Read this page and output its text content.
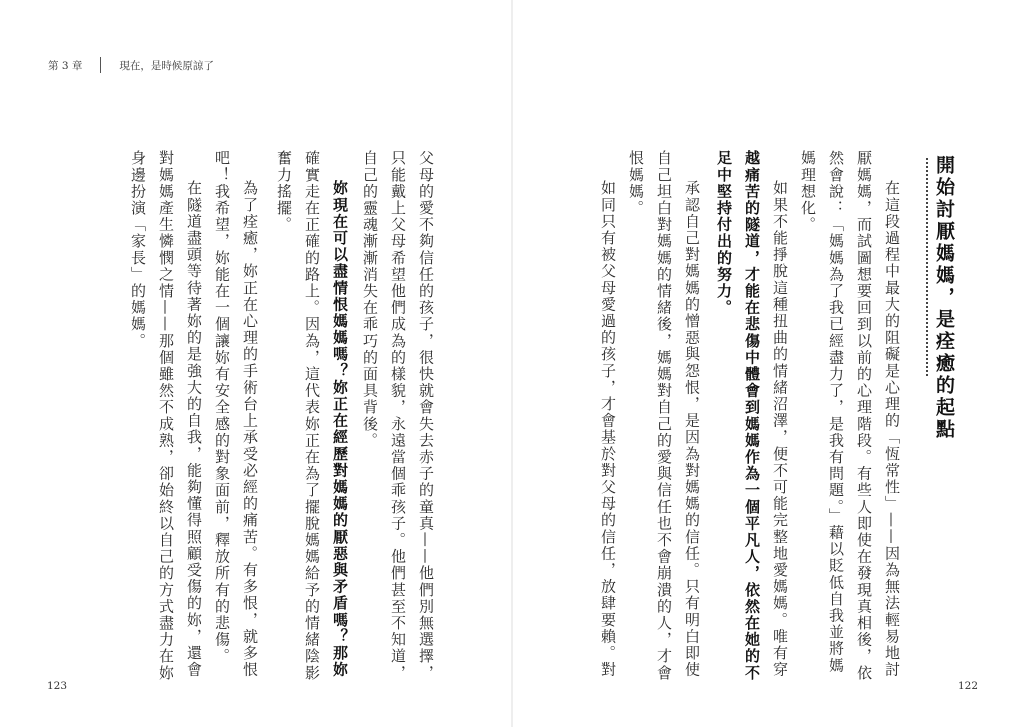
第 3 章	現在，是時候原諒了
開始討厭媽媽，是痊癒的起點
在這段過程中最大的阻礙是心理的「恆常性」——因為無法輕易地討
厭媽媽，而試圖想要回到以前的心理階段。有些人即使在發現真相後，依
然會說：「媽媽為了我已經盡力了，是我有問題。」藉以貶低自我並將媽
媽理想化。
如果不能掙脫這種扭曲的情緒沼澤，便不可能完整地愛媽媽。唯有穿
越痛苦的隧道，才能在悲傷中體會到媽媽作為一個平凡人，依然在她的不
足中堅持付出的努力。
承認自己對媽媽的憎惡與怨恨，是因為對媽媽的信任。只有明白即使
自己坦白對媽媽的情緒後，媽媽對自己的愛與信任也不會崩潰的人，才會
恨媽媽。
如同只有被父母愛過的孩子，才會基於對父母的信任，放肆要賴。對
父母的愛不夠信任的孩子，很快就會失去赤子的童真——他們別無選擇，
只能戴上父母希望他們成為的樣貌，永遠當個乖孩子。他們甚至不知道，
自己的靈魂漸漸消失在乖巧的面具背後。
妳現在可以盡情恨媽媽嗎？妳正在經歷對媽媽的厭惡與矛盾嗎？那妳
確實走在正確的路上。因為，這代表妳正在為了擺脫媽媽給予的情緒陰影
奮力搖擺。
為了痊癒，妳正在心理的手術台上承受必經的痛苦。有多恨，就多恨
吧！我希望，妳能在一個讓妳有安全感的對象面前，釋放所有的悲傷。
在隧道盡頭等待著妳的是強大的自我，能夠懂得照顧受傷的妳，還會
對媽媽產生憐憫之情——那個雖然不成熟，卻始終以自己的方式盡力在妳
身邊扮演「家長」的媽媽。
123	122
